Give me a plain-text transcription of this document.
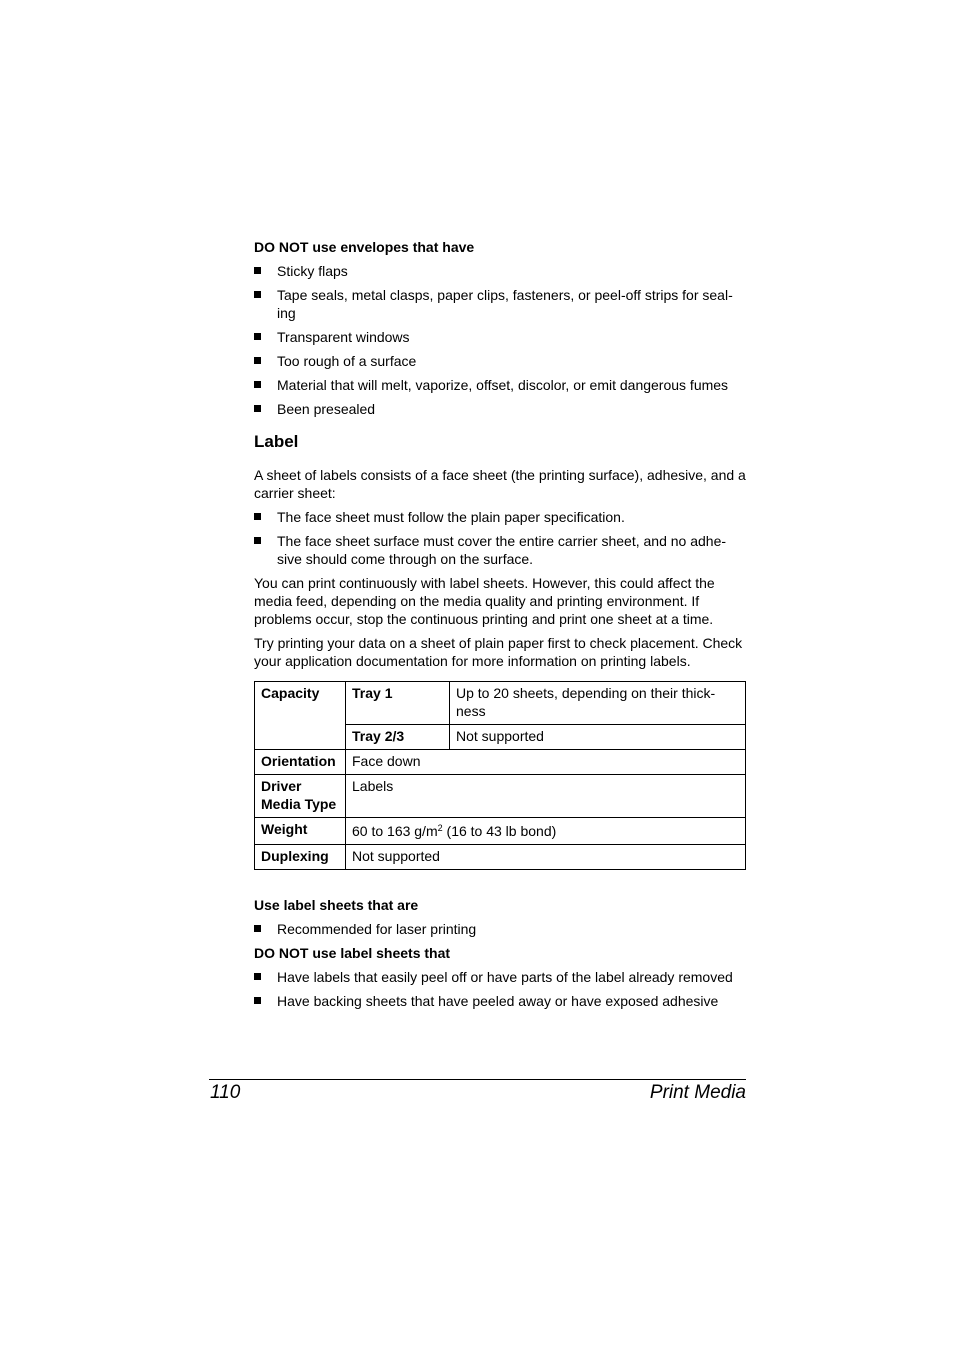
DO NOT use envelopes that have
Sticky flaps
Tape seals, metal clasps, paper clips, fasteners, or peel-off strips for seal-ing
Transparent windows
Too rough of a surface
Material that will melt, vaporize, offset, discolor, or emit dangerous fumes
Been presealed
Label

A sheet of labels consists of a face sheet (the printing surface), adhesive, and a carrier sheet:

The face sheet must follow the plain paper specification.
The face sheet surface must cover the entire carrier sheet, and no adhe-sive should come through on the surface.

You can print continuously with label sheets. However, this could affect the media feed, depending on the media quality and printing environment. If problems occur, stop the continuous printing and print one sheet at a time.

Try printing your data on a sheet of plain paper first to check placement. Check your application documentation for more information on printing labels.

Capacity	Tray 1	Up to 20 sheets, depending on their thick-ness
	Tray 2/3	Not supported
Orientation	Face down	
Driver Media Type	Labels	
Weight	60 to 163 $g/m^2$ (16 to 43 lb bond)	
Duplexing	Not supported	
Use label sheets that are
Recommended for laser printing
DO NOT use label sheets that
Have labels that easily peel off or have parts of the label already removed
Have backing sheets that have peeled away or have exposed adhesive
110	Print Media
